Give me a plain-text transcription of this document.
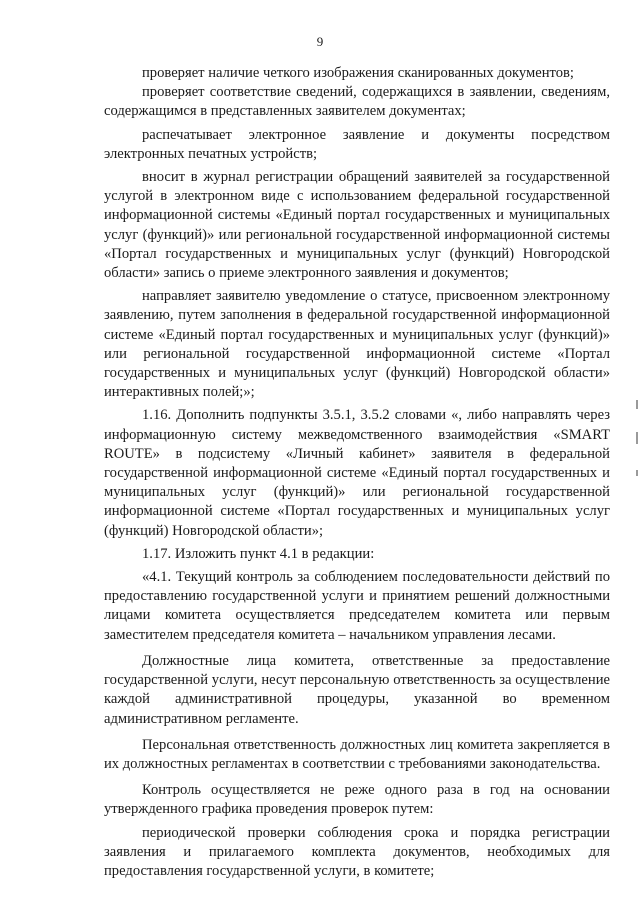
9

проверяет наличие четкого изображения сканированных документов;

проверяет соответствие сведений, содержащихся в заявлении, сведениям, содержащимся в представленных заявителем документах;

распечатывает электронное заявление и документы посредством электронных печатных устройств;

вносит в журнал регистрации обращений заявителей за государственной услугой в электронном виде с использованием федеральной государственной информационной системы «Единый портал государственных и муниципальных услуг (функций)» или региональной государственной информационной системы «Портал государственных и муниципальных услуг (функций) Новгородской области» запись о приеме электронного заявления и документов;

направляет заявителю уведомление о статусе, присвоенном электронному заявлению, путем заполнения в федеральной государственной информационной системе «Единый портал государственных и муниципальных услуг (функций)» или региональной государственной информационной системе «Портал государственных и муниципальных услуг (функций) Новгородской области» интерактивных полей;»;

1.16. Дополнить подпункты 3.5.1, 3.5.2 словами «, либо направлять через информационную систему межведомственного взаимодействия «SMART ROUTE» в подсистему «Личный кабинет» заявителя в федеральной государственной информационной системе «Единый портал государственных и муниципальных услуг (функций)» или региональной государственной информационной системе «Портал государственных и муниципальных услуг (функций) Новгородской области»;

1.17. Изложить пункт 4.1 в редакции:

«4.1. Текущий контроль за соблюдением последовательности действий по предоставлению государственной услуги и принятием решений должностными лицами комитета осуществляется председателем комитета или первым заместителем председателя комитета – начальником управления лесами.

Должностные лица комитета, ответственные за предоставление государственной услуги, несут персональную ответственность за осуществление каждой административной процедуры, указанной во временном административном регламенте.

Персональная ответственность должностных лиц комитета закрепляется в их должностных регламентах в соответствии с требованиями законодательства.

Контроль осуществляется не реже одного раза в год на основании утвержденного графика проведения проверок путем:

периодической проверки соблюдения срока и порядка регистрации заявления и прилагаемого комплекта документов, необходимых для предоставления государственной услуги, в комитете;
